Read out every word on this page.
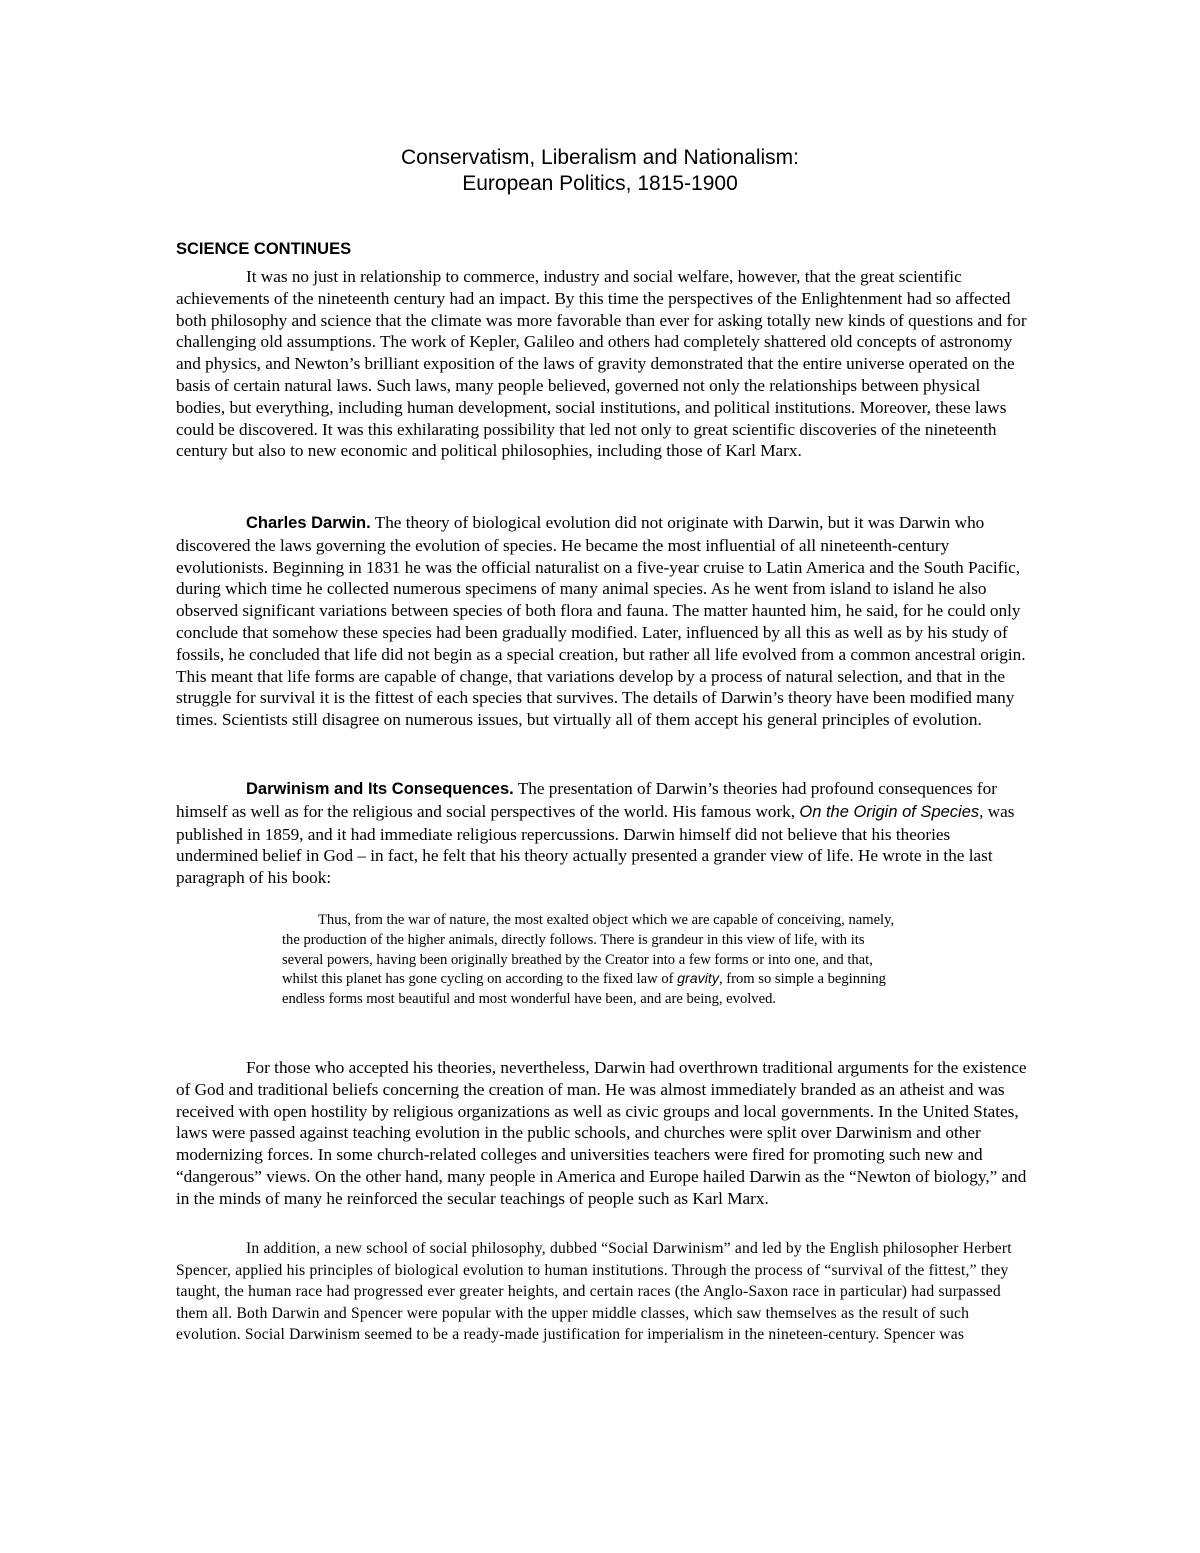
Conservatism, Liberalism and Nationalism:
European Politics, 1815-1900
SCIENCE CONTINUES

It was no just in relationship to commerce, industry and social welfare, however, that the great scientific achievements of the nineteenth century had an impact. By this time the perspectives of the Enlightenment had so affected both philosophy and science that the climate was more favorable than ever for asking totally new kinds of questions and for challenging old assumptions. The work of Kepler, Galileo and others had completely shattered old concepts of astronomy and physics, and Newton’s brilliant exposition of the laws of gravity demonstrated that the entire universe operated on the basis of certain natural laws. Such laws, many people believed, governed not only the relationships between physical bodies, but everything, including human development, social institutions, and political institutions. Moreover, these laws could be discovered. It was this exhilarating possibility that led not only to great scientific discoveries of the nineteenth century but also to new economic and political philosophies, including those of Karl Marx.

Charles Darwin. The theory of biological evolution did not originate with Darwin, but it was Darwin who discovered the laws governing the evolution of species. He became the most influential of all nineteenth-century evolutionists. Beginning in 1831 he was the official naturalist on a five-year cruise to Latin America and the South Pacific, during which time he collected numerous specimens of many animal species. As he went from island to island he also observed significant variations between species of both flora and fauna. The matter haunted him, he said, for he could only conclude that somehow these species had been gradually modified. Later, influenced by all this as well as by his study of fossils, he concluded that life did not begin as a special creation, but rather all life evolved from a common ancestral origin. This meant that life forms are capable of change, that variations develop by a process of natural selection, and that in the struggle for survival it is the fittest of each species that survives. The details of Darwin’s theory have been modified many times. Scientists still disagree on numerous issues, but virtually all of them accept his general principles of evolution.

Darwinism and Its Consequences. The presentation of Darwin’s theories had profound consequences for himself as well as for the religious and social perspectives of the world. His famous work, On the Origin of Species, was published in 1859, and it had immediate religious repercussions. Darwin himself did not believe that his theories undermined belief in God – in fact, he felt that his theory actually presented a grander view of life. He wrote in the last paragraph of his book:

Thus, from the war of nature, the most exalted object which we are capable of conceiving, namely, the production of the higher animals, directly follows. There is grandeur in this view of life, with its several powers, having been originally breathed by the Creator into a few forms or into one, and that, whilst this planet has gone cycling on according to the fixed law of gravity, from so simple a beginning endless forms most beautiful and most wonderful have been, and are being, evolved.

For those who accepted his theories, nevertheless, Darwin had overthrown traditional arguments for the existence of God and traditional beliefs concerning the creation of man. He was almost immediately branded as an atheist and was received with open hostility by religious organizations as well as civic groups and local governments. In the United States, laws were passed against teaching evolution in the public schools, and churches were split over Darwinism and other modernizing forces. In some church-related colleges and universities teachers were fired for promoting such new and “dangerous” views. On the other hand, many people in America and Europe hailed Darwin as the “Newton of biology,” and in the minds of many he reinforced the secular teachings of people such as Karl Marx.

In addition, a new school of social philosophy, dubbed “Social Darwinism” and led by the English philosopher Herbert Spencer, applied his principles of biological evolution to human institutions. Through the process of “survival of the fittest,” they taught, the human race had progressed ever greater heights, and certain races (the Anglo-Saxon race in particular) had surpassed them all. Both Darwin and Spencer were popular with the upper middle classes, which saw themselves as the result of such evolution. Social Darwinism seemed to be a ready-made justification for imperialism in the nineteen-century. Spencer was
